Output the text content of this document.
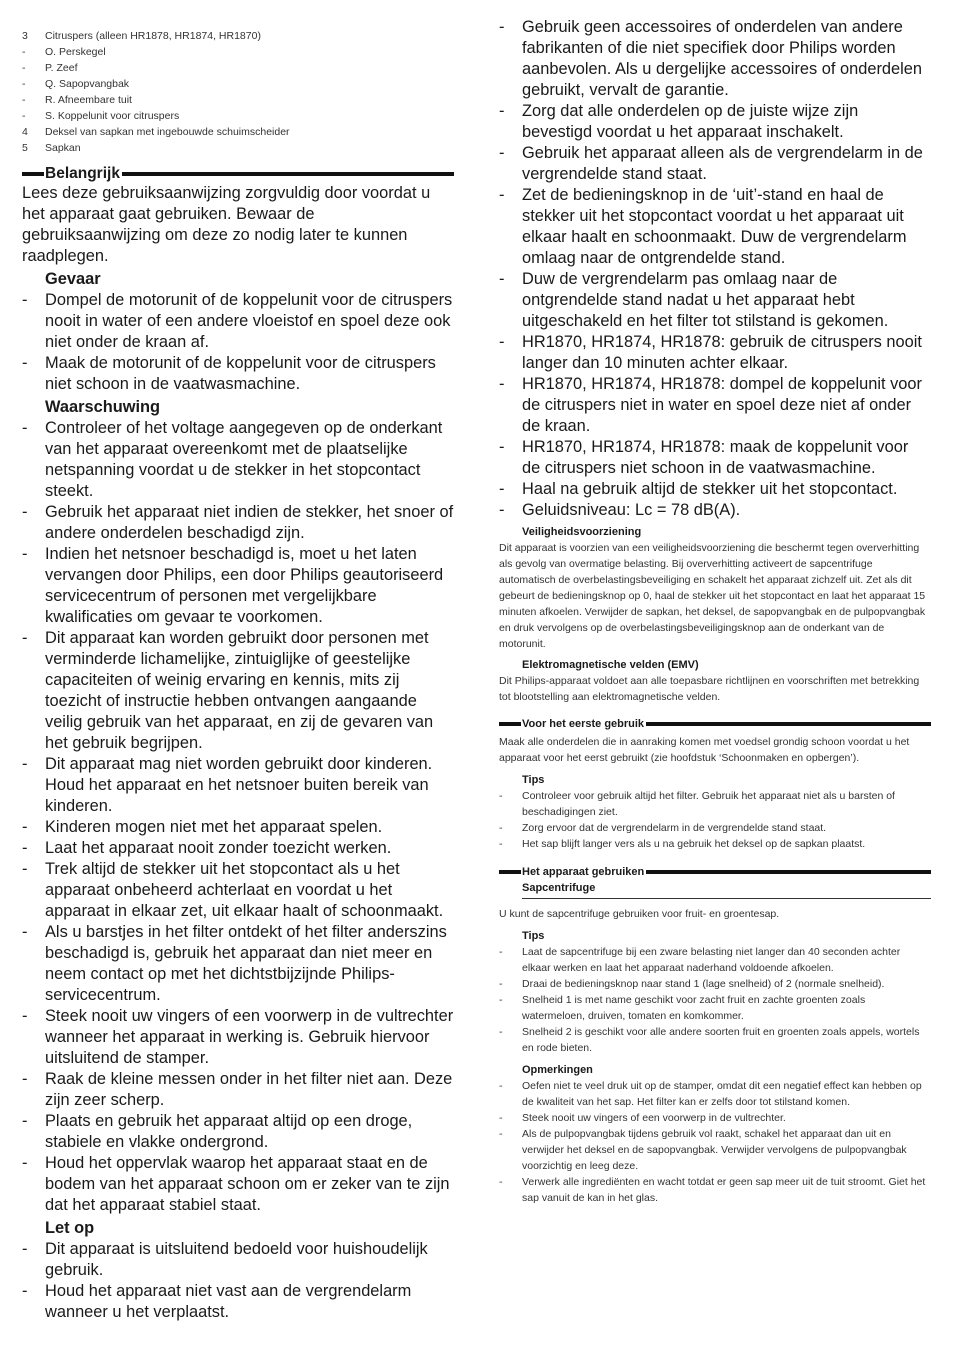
3	Citruspers (alleen HR1878, HR1874, HR1870)
-	O. Perskegel
-	P. Zeef
-	Q. Sapopvangbak
-	R. Afneembare tuit
-	S. Koppelunit voor citruspers
4	Deksel van sapkan met ingebouwde schuimscheider
5	Sapkan
Belangrijk
Lees deze gebruiksaanwijzing zorgvuldig door voordat u het apparaat gaat gebruiken. Bewaar de gebruiksaanwijzing om deze zo nodig later te kunnen raadplegen.
Gevaar
-	Dompel de motorunit of de koppelunit voor de citruspers nooit in water of een andere vloeistof en spoel deze ook niet onder de kraan af.
-	Maak de motorunit of de koppelunit voor de citruspers niet schoon in de vaatwasmachine.
Waarschuwing
-	Controleer of het voltage aangegeven op de onderkant van het apparaat overeenkomt met de plaatselijke netspanning voordat u de stekker in het stopcontact steekt.
-	Gebruik het apparaat niet indien de stekker, het snoer of andere onderdelen beschadigd zijn.
-	Indien het netsnoer beschadigd is, moet u het laten vervangen door Philips, een door Philips geautoriseerd servicecentrum of personen met vergelijkbare kwalificaties om gevaar te voorkomen.
-	Dit apparaat kan worden gebruikt door personen met verminderde lichamelijke, zintuiglijke of geestelijke capaciteiten of weinig ervaring en kennis, mits zij toezicht of instructie hebben ontvangen aangaande veilig gebruik van het apparaat, en zij de gevaren van het gebruik begrijpen.
-	Dit apparaat mag niet worden gebruikt door kinderen. Houd het apparaat en het netsnoer buiten bereik van kinderen.
-	Kinderen mogen niet met het apparaat spelen.
-	Laat het apparaat nooit zonder toezicht werken.
-	Trek altijd de stekker uit het stopcontact als u het apparaat onbeheerd achterlaat en voordat u het apparaat in elkaar zet, uit elkaar haalt of schoonmaakt.
-	Als u barstjes in het filter ontdekt of het filter anderszins beschadigd is, gebruik het apparaat dan niet meer en neem contact op met het dichtstbijzijnde Philips-servicecentrum.
-	Steek nooit uw vingers of een voorwerp in de vultrechter wanneer het apparaat in werking is. Gebruik hiervoor uitsluitend de stamper.
-	Raak de kleine messen onder in het filter niet aan. Deze zijn zeer scherp.
-	Plaats en gebruik het apparaat altijd op een droge, stabiele en vlakke ondergrond.
-	Houd het oppervlak waarop het apparaat staat en de bodem van het apparaat schoon om er zeker van te zijn dat het apparaat stabiel staat.
Let op
-	Dit apparaat is uitsluitend bedoeld voor huishoudelijk gebruik.
-	Houd het apparaat niet vast aan de vergrendelarm wanneer u het verplaatst.
-	Gebruik geen accessoires of onderdelen van andere fabrikanten of die niet specifiek door Philips worden aanbevolen. Als u dergelijke accessoires of onderdelen gebruikt, vervalt de garantie.
-	Zorg dat alle onderdelen op de juiste wijze zijn bevestigd voordat u het apparaat inschakelt.
-	Gebruik het apparaat alleen als de vergrendelarm in de vergrendelde stand staat.
-	Zet de bedieningsknop in de ‘uit’-stand en haal de stekker uit het stopcontact voordat u het apparaat uit elkaar haalt en schoonmaakt. Duw de vergrendelarm omlaag naar de ontgrendelde stand.
-	Duw de vergrendelarm pas omlaag naar de ontgrendelde stand nadat u het apparaat hebt uitgeschakeld en het filter tot stilstand is gekomen.
-	HR1870, HR1874, HR1878: gebruik de citruspers nooit langer dan 10 minuten achter elkaar.
-	HR1870, HR1874, HR1878: dompel de koppelunit voor de citruspers niet in water en spoel deze niet af onder de kraan.
-	HR1870, HR1874, HR1878: maak de koppelunit voor de citruspers niet schoon in de vaatwasmachine.
-	Haal na gebruik altijd de stekker uit het stopcontact.
-	Geluidsniveau: Lc = 78 dB(A).
Veiligheidsvoorziening
Dit apparaat is voorzien van een veiligheidsvoorziening die beschermt tegen oververhitting als gevolg van overmatige belasting. Bij oververhitting activeert de sapcentrifuge automatisch de overbelastingsbeveiliging en schakelt het apparaat zichzelf uit. Zet als dit gebeurt de bedieningsknop op 0, haal de stekker uit het stopcontact en laat het apparaat 15 minuten afkoelen. Verwijder de sapkan, het deksel, de sapopvangbak en de pulpopvangbak en druk vervolgens op de overbelastingsbeveiligingsknop aan de onderkant van de motorunit.
Elektromagnetische velden (EMV)
Dit Philips-apparaat voldoet aan alle toepasbare richtlijnen en voorschriften met betrekking tot blootstelling aan elektromagnetische velden.
Voor het eerste gebruik
Maak alle onderdelen die in aanraking komen met voedsel grondig schoon voordat u het apparaat voor het eerst gebruikt (zie hoofdstuk ‘Schoonmaken en opbergen’).
Tips
-	Controleer voor gebruik altijd het filter. Gebruik het apparaat niet als u barsten of beschadigingen ziet.
-	Zorg ervoor dat de vergrendelarm in de vergrendelde stand staat.
-	Het sap blijft langer vers als u na gebruik het deksel op de sapkan plaatst.
Het apparaat gebruiken
Sapcentrifuge
U kunt de sapcentrifuge gebruiken voor fruit- en groentesap.
Tips
-	Laat de sapcentrifuge bij een zware belasting niet langer dan 40 seconden achter elkaar werken en laat het apparaat naderhand voldoende afkoelen.
-	Draai de bedieningsknop naar stand 1 (lage snelheid) of 2 (normale snelheid).
-	Snelheid 1 is met name geschikt voor zacht fruit en zachte groenten zoals watermeloen, druiven, tomaten en komkommer.
-	Snelheid 2 is geschikt voor alle andere soorten fruit en groenten zoals appels, wortels en rode bieten.
Opmerkingen
-	Oefen niet te veel druk uit op de stamper, omdat dit een negatief effect kan hebben op de kwaliteit van het sap. Het filter kan er zelfs door tot stilstand komen.
-	Steek nooit uw vingers of een voorwerp in de vultrechter.
-	Als de pulpopvangbak tijdens gebruik vol raakt, schakel het apparaat dan uit en verwijder het deksel en de sapopvangbak. Verwijder vervolgens de pulpopvangbak voorzichtig en leeg deze.
-	Verwerk alle ingrediënten en wacht totdat er geen sap meer uit de tuit stroomt. Giet het sap vanuit de kan in het glas.
